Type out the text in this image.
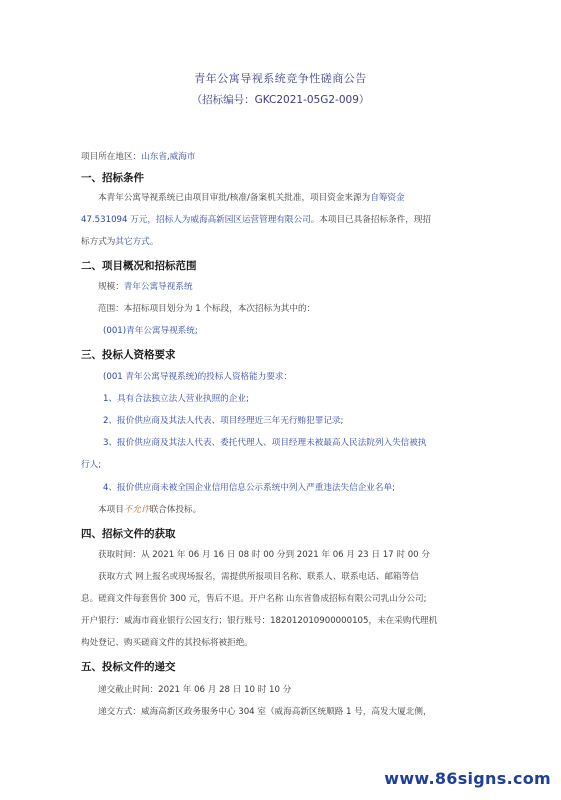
青年公寓导视系统竞争性磋商公告
（招标编号：GKC2021-05G2-009）
项目所在地区：山东省,威海市
一、招标条件
本青年公寓导视系统已由项目审批/核准/备案机关批准，项目资金来源为自筹资金
47.531094 万元，招标人为威海高新园区运营管理有限公司。本项目已具备招标条件，现招
标方式为其它方式。
二、项目概况和招标范围
规模：青年公寓导视系统
范围：本招标项目划分为 1 个标段，本次招标为其中的：
(001)青年公寓导视系统;
三、投标人资格要求
(001 青年公寓导视系统)的投标人资格能力要求：
1、具有合法独立法人营业执照的企业;
2、报价供应商及其法人代表、项目经理近三年无行贿犯罪记录;
3、报价供应商及其法人代表、委托代理人、项目经理未被最高人民法院列入失信被执
行人;
4、报价供应商未被全国企业信用信息公示系统中列入严重违法失信企业名单;
本项目不允许联合体投标。
四、招标文件的获取
获取时间：从 2021 年 06 月 16 日 08 时 00 分到 2021 年 06 月 23 日 17 时 00 分
获取方式 网上报名或现场报名，需提供所报项目名称、联系人、联系电话、邮箱等信
息。磋商文件每套售价 300 元，售后不退。开户名称 山东省鲁成招标有限公司乳山分公司;
开户银行：威海市商业银行公园支行；银行账号：182012010900000105，未在采购代理机
构处登记、购买磋商文件的其投标将被拒绝。
五、投标文件的递交
递交截止时间：2021 年 06 月 28 日 10 时 10 分
递交方式：威海高新区政务服务中心 304 室（威海高新区统顺路 1 号，高发大厦北侧，
www.86signs.com
